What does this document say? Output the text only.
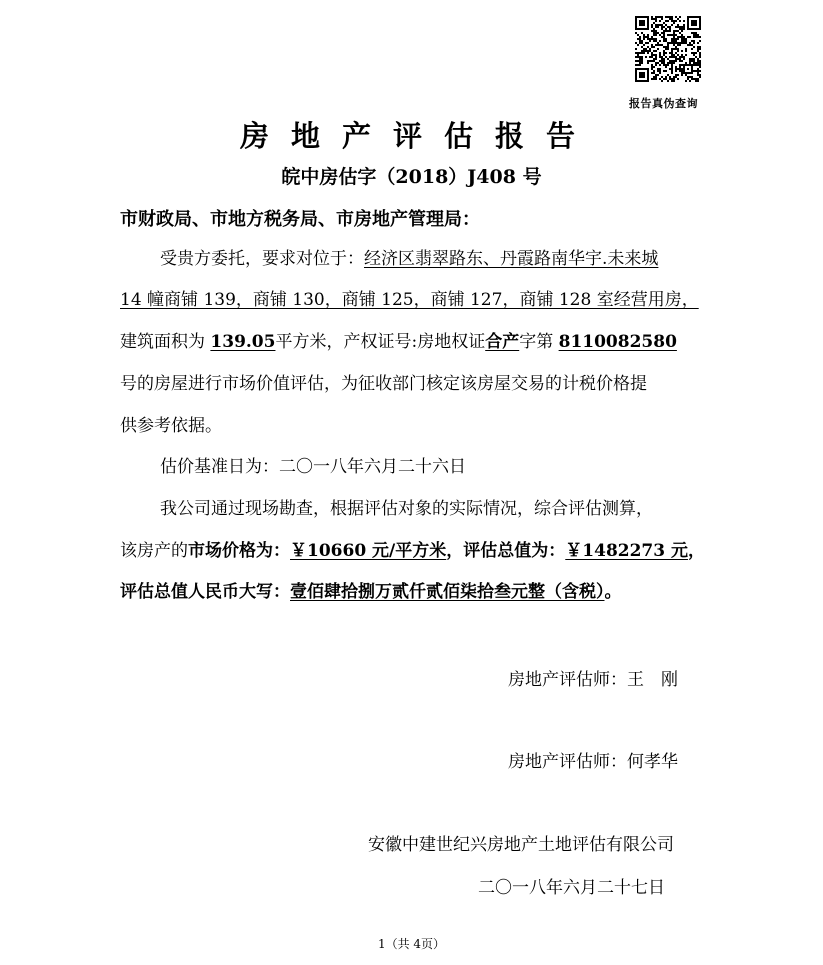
报告真伪查询
房地产评估报告
皖中房估字（2018）J408 号
市财政局、市地方税务局、市房地产管理局：
受贵方委托，要求对位于：经济区翡翠路东、丹霞路南华宇.未来城
14 幢商铺 139，商铺 130，商铺 125，商铺 127，商铺 128 室经营用房，
建筑面积为 139.05平方米，产权证号:房地权证合产字第 8110082580
号的房屋进行市场价值评估，为征收部门核定该房屋交易的计税价格提
供参考依据。
估价基准日为：二〇一八年六月二十六日
我公司通过现场勘查，根据评估对象的实际情况，综合评估测算，
该房产的市场价格为：￥10660 元/平方米，评估总值为：￥1482273 元，
评估总值人民币大写：壹佰肆拾捌万贰仟贰佰柒拾叁元整（含税）。
房地产评估师：王　刚
房地产评估师：何孝华
安徽中建世纪兴房地产土地评估有限公司
二〇一八年六月二十七日
1（共 4页）
